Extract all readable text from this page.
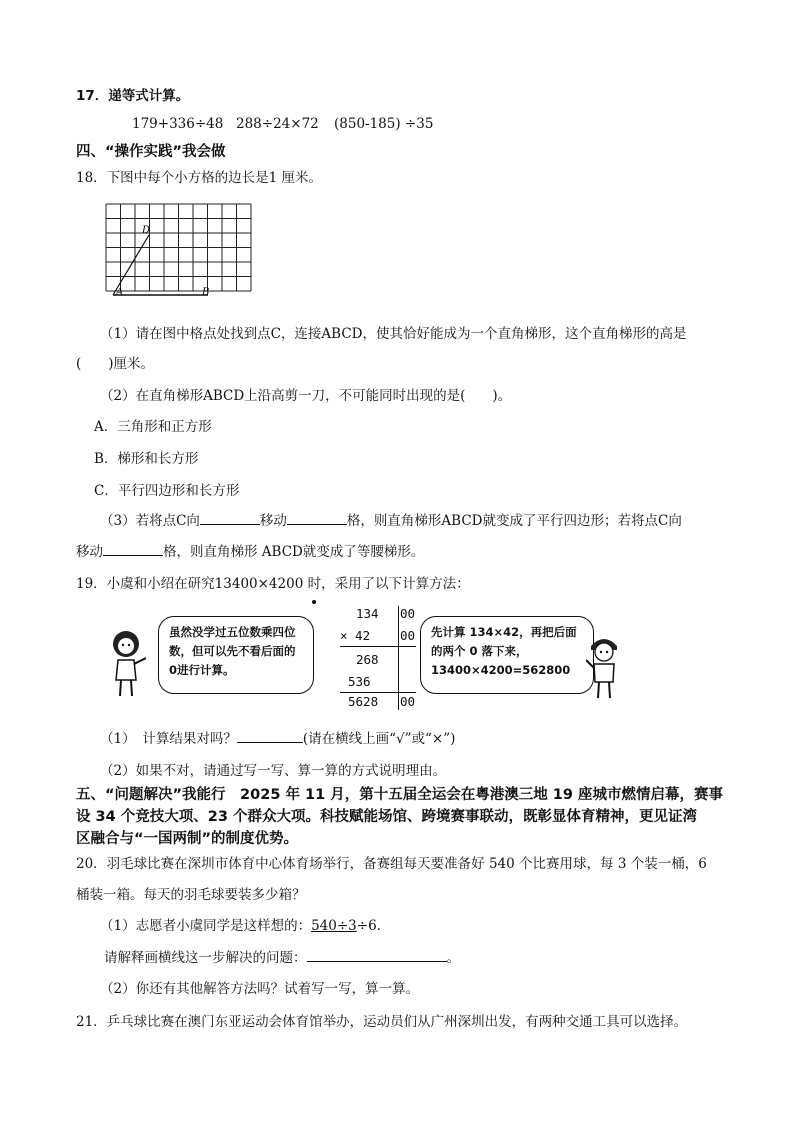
17．递等式计算。
179+336÷48 288÷24×72 (850-185) ÷35
四、“操作实践”我会做
18．下图中每个小方格的边长是1 厘米。
A	B
D
（1）请在图中格点处找到点C，连接ABCD，使其恰好能成为一个直角梯形，这个直角梯形的高是
(　　)厘米。
（2）在直角梯形ABCD上沿高剪一刀，不可能同时出现的是(　　)。
A．三角形和正方形
B．梯形和长方形
C．平行四边形和长方形
（3）若将点C向	移动	格，则直角梯形ABCD就变成了平行四边形；若将点C向
移动	格，则直角梯形 ABCD就变成了等腰梯形。
19．小虞和小绍在研究13400×4200 时，采用了以下计算方法：
虽然没学过五位数乘四位数，但可以先不看后面的0进行计算。
134 00
× 42 00
268
536
5628 00
先计算 134×42，再把后面的两个 0 落下来，
13400×4200=562800
（1）　计算结果对吗？	(请在横线上画“√”或“×”)
（2）如果不对，请通过写一写、算一算的方式说明理由。
五、“问题解决”我能行　2025 年 11 月，第十五届全运会在粤港澳三地 19 座城市燃情启幕，赛事
设 34 个竞技大项、23 个群众大项。科技赋能场馆、跨境赛事联动，既彰显体育精神，更见证湾
区融合与“一国两制”的制度优势。
20．羽毛球比赛在深圳市体育中心体育场举行，备赛组每天要准备好 540 个比赛用球，每 3 个装一桶，6
桶装一箱。每天的羽毛球要装多少箱？
（1）志愿者小虞同学是这样想的：540÷3÷6.
请解释画横线这一步解决的问题：	。
（2）你还有其他解答方法吗？试着写一写，算一算。
21．乒乓球比赛在澳门东亚运动会体育馆举办，运动员们从广州深圳出发，有两种交通工具可以选择。
